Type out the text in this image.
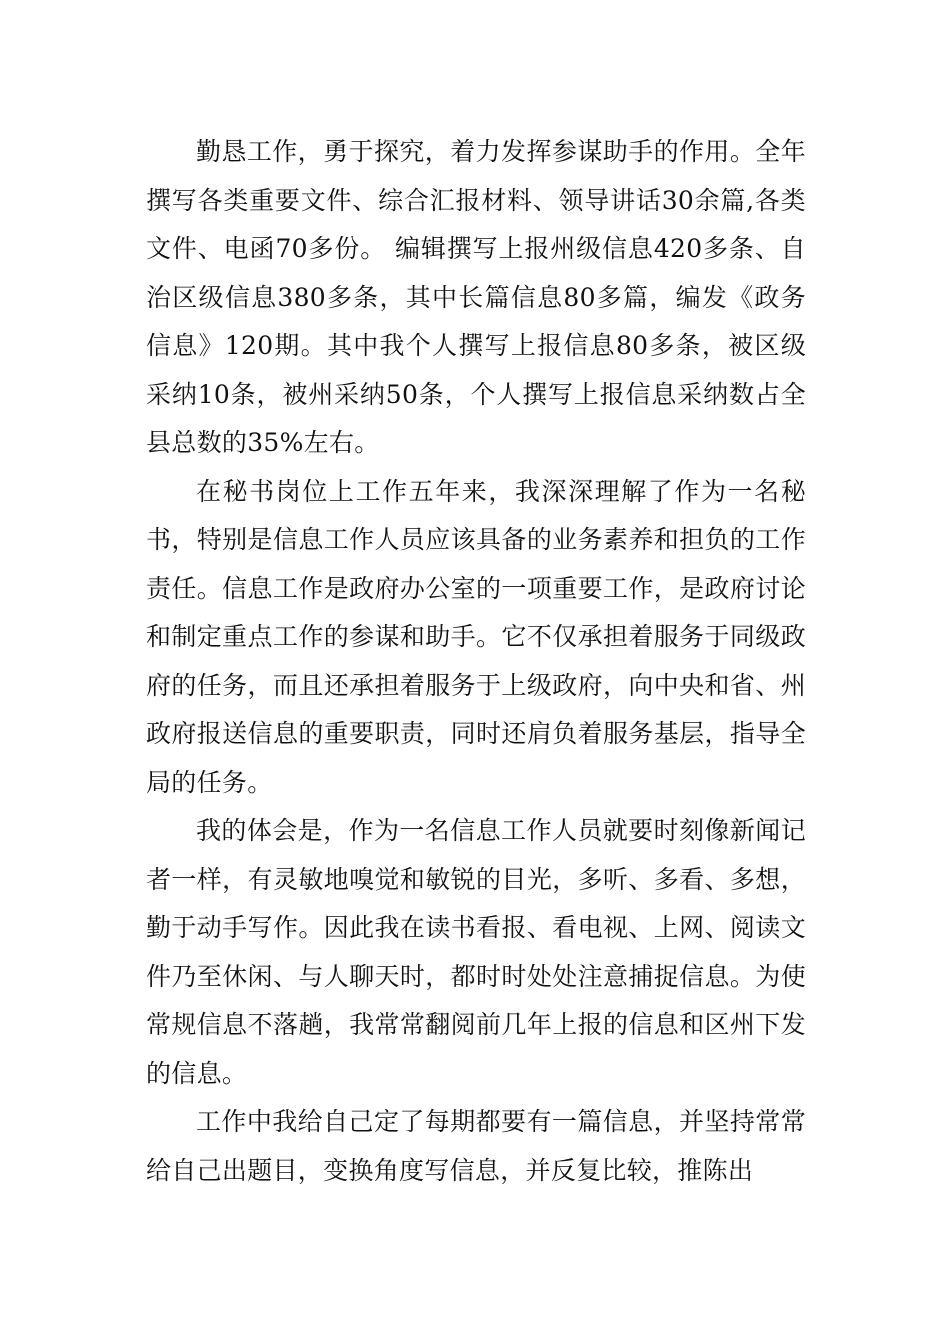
勤恳工作，勇于探究，着力发挥参谋助手的作用。全年撰写各类重要文件、综合汇报材料、领导讲话30余篇,各类文件、电函70多份。 编辑撰写上报州级信息420多条、自治区级信息380多条，其中长篇信息80多篇，编发《政务信息》120期。其中我个人撰写上报信息80多条，被区级采纳10条，被州采纳50条，个人撰写上报信息采纳数占全县总数的35%左右。

在秘书岗位上工作五年来，我深深理解了作为一名秘书，特别是信息工作人员应该具备的业务素养和担负的工作责任。信息工作是政府办公室的一项重要工作，是政府讨论和制定重点工作的参谋和助手。它不仅承担着服务于同级政府的任务，而且还承担着服务于上级政府，向中央和省、州政府报送信息的重要职责，同时还肩负着服务基层，指导全局的任务。

我的体会是，作为一名信息工作人员就要时刻像新闻记者一样，有灵敏地嗅觉和敏锐的目光，多听、多看、多想，勤于动手写作。因此我在读书看报、看电视、上网、阅读文件乃至休闲、与人聊天时，都时时处处注意捕捉信息。为使常规信息不落趟，我常常翻阅前几年上报的信息和区州下发的信息。

工作中我给自己定了每期都要有一篇信息，并坚持常常给自己出题目，变换角度写信息，并反复比较，推陈出
